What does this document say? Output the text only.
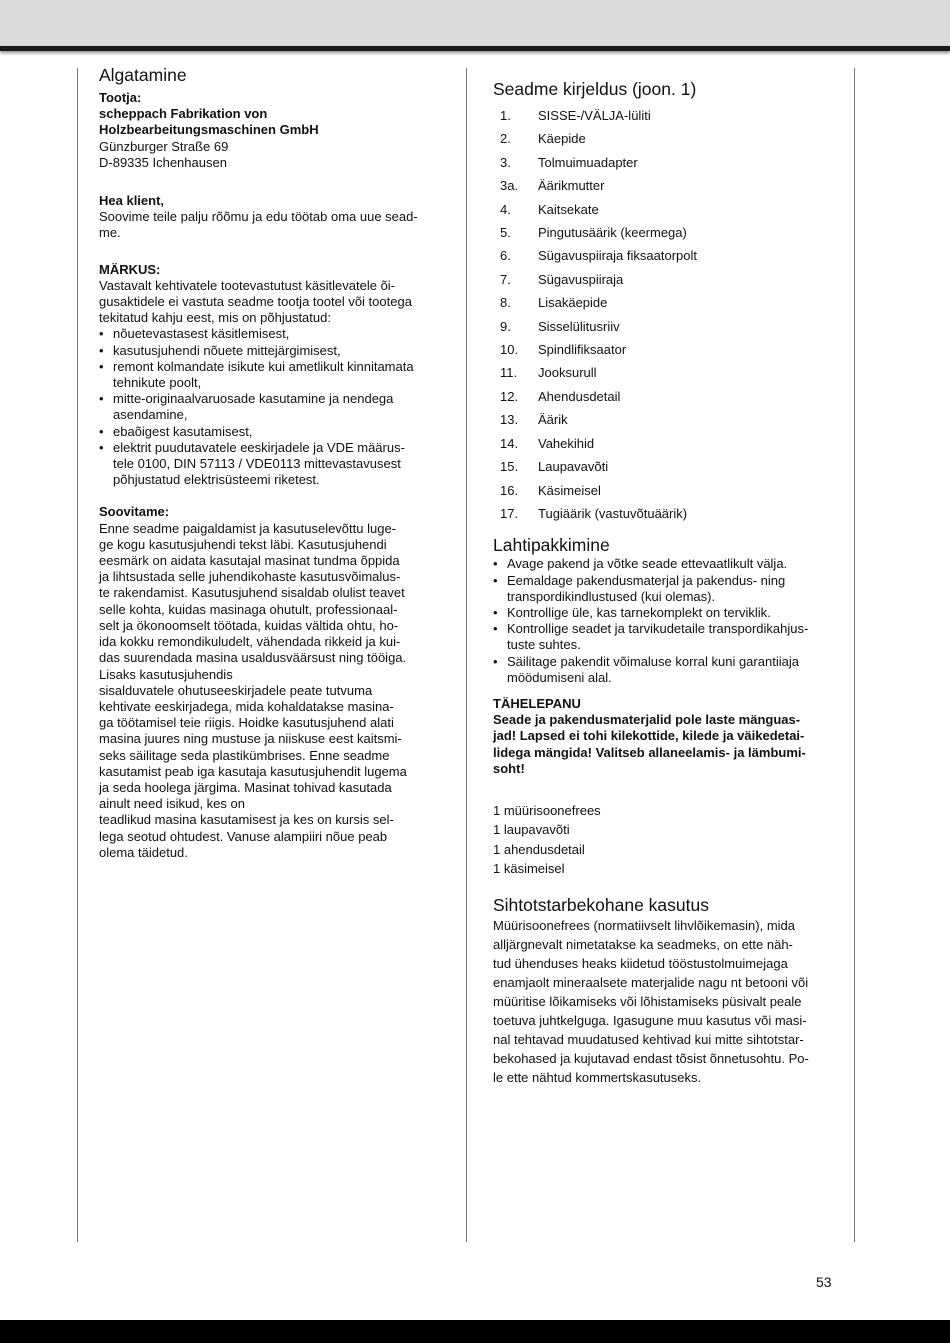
Algatamine

Tootja:

scheppach Fabrikation von

Holzbearbeitungsmaschinen GmbH

Günzburger Straße 69

D-89335 Ichenhausen

Hea klient,

Soovime teile palju rõõmu ja edu töötab oma uue sead-
me.

MÄRKUS:

Vastavalt kehtivatele tootevastutust käsitlevatele õi-
gusaktidele ei vastuta seadme tootja tootel või tootega
tekitatud kahju eest, mis on põhjustatud:
• nõuetevastasest käsitlemisest,
• kasutusjuhendi nõuete mittejärgimisest,
• remont kolmandate isikute kui ametlikult kinnitamata
tehnikute poolt,
• mitte-originaalvaruosade kasutamine ja nendega
asendamine,
• ebaõigest kasutamisest,
• elektrit puudutavatele eeskirjadele ja VDE määrus-
tele 0100, DIN 57113 / VDE0113 mittevastavusest
põhjustatud elektrisüsteemi riketest.

Soovitame:

Enne seadme paigaldamist ja kasutuselevõttu luge-
ge kogu kasutusjuhendi tekst läbi. Kasutusjuhendi
eesmärk on aidata kasutajal masinat tundma õppida
ja lihtsustada selle juhendikohaste kasutusvõimalus-
te rakendamist. Kasutusjuhend sisaldab olulist teavet
selle kohta, kuidas masinaga ohutult, professionaal-
selt ja ökonoomselt töötada, kuidas vältida ohtu, ho-
ida kokku remondikuludelt, vähendada rikkeid ja kui-
das suurendada masina usaldusväärsust ning tööiga.
Lisaks kasutusjuhendis
sisalduvatele ohutuseeskirjadele peate tutvuma
kehtivate eeskirjadega, mida kohaldatakse masina-
ga töötamisel teie riigis. Hoidke kasutusjuhend alati
masina juures ning mustuse ja niiskuse eest kaitsmi-
seks säilitage seda plastikümbrises. Enne seadme
kasutamist peab iga kasutaja kasutusjuhendit lugema
ja seda hoolega järgima. Masinat tohivad kasutada
ainult need isikud, kes on
teadlikud masina kasutamisest ja kes on kursis sel-
lega seotud ohtudest. Vanuse alampiiri nõue peab
olema täidetud.
Seadme kirjeldus (joon. 1)
1.	SISSE-/VÄLJA-lüliti
2.	Käepide
3.	Tolmuimuadapter
3a.	Äärikmutter
4.	Kaitsekate
5.	Pingutusäärik (keermega)
6.	Sügavuspiiraja fiksaatorpolt
7.	Sügavuspiiraja
8.	Lisakäepide
9.	Sisselülitusriiv
10.	Spindlifiksaator
11.	Jooksurull
12.	Ahendusdetail
13.	Äärik
14.	Vahekihid
15.	Laupavavõti
16.	Käsimeisel
17.	Tugiäärik (vastuvõtuäärik)
Lahtipakkimine
• Avage pakend ja võtke seade ettevaatlikult välja.
• Eemaldage pakendusmaterjal ja pakendus- ning
transpordikindlustused (kui olemas).
• Kontrollige üle, kas tarnekomplekt on terviklik.
• Kontrollige seadet ja tarvikudetaile transpordikahjus-
tuste suhtes.
• Säilitage pakendit võimaluse korral kuni garantiiaja
möödumiseni alal.

TÄHELEPANU

Seade ja pakendusmaterjalid pole laste mänguas-
jad! Lapsed ei tohi kilekottide, kilede ja väikedetai-
lidega mängida! Valitseb allaneelamis- ja lämbumi-
soht!
1 müürisoonefrees
1 laupavavõti
1 ahendusdetail
1 käsimeisel
Sihtotstarbekohane kasutus
Müürisoonefrees (normatiivselt lihvlõikemasin), mida
alljärgnevalt nimetatakse ka seadmeks, on ette näh-
tud ühenduses heaks kiidetud tööstustolmuimejaga
enamjaolt mineraalsete materjalide nagu nt betooni või
müüritise lõikamiseks või lõhistamiseks püsivalt peale
toetuva juhtkelguga. Igasugune muu kasutus või masi-
nal tehtavad muudatused kehtivad kui mitte sihtotstar-
bekohased ja kujutavad endast tõsist õnnetusohtu. Po-
le ette nähtud kommertskasutuseks.
53
